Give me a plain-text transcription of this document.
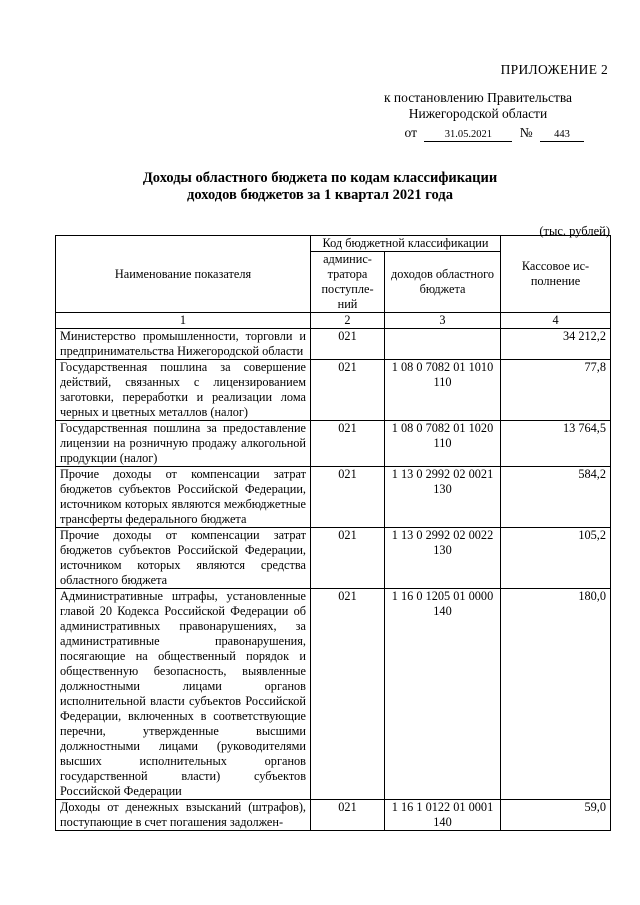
ПРИЛОЖЕНИЕ 2
к постановлению Правительства
Нижегородской области
от	31.05.2021 № 443
Доходы областного бюджета по кодам классификации
доходов бюджетов за 1 квартал 2021 года
(тыс. рублей)
Наименование показателя	Код бюджетной классификации		Кассовое ис-полнение
	админис-тратора поступле-ний	доходов областного бюджета	
1	2	3	4
Министерство промышленности, торговли и предпринимательства Нижегородской области	021		34 212,2
Государственная пошлина за совершение действий, связанных с лицензированием заготовки, переработки и реализации лома черных и цветных металлов (налог)	021	1 08 0 7082 01 1010 110	77,8
Государственная пошлина за предоставление лицензии на розничную продажу алкогольной продукции (налог)	021	1 08 0 7082 01 1020 110	13 764,5
Прочие доходы от компенсации затрат бюджетов субъектов Российской Федерации, источником которых являются межбюджетные трансферты федерального бюджета	021	1 13 0 2992 02 0021 130	584,2
Прочие доходы от компенсации затрат бюджетов субъектов Российской Федерации, источником которых являются средства областного бюджета	021	1 13 0 2992 02 0022 130	105,2
Административные штрафы, установленные главой 20 Кодекса Российской Федерации об административных правонарушениях, за административные правонарушения, посягающие на общественный порядок и общественную безопасность, выявленные должностными лицами органов исполнительной власти субъектов Российской Федерации, включенных в соответствующие перечни, утвержденные высшими должностными лицами (руководителями высших исполнительных органов государственной власти) субъектов Российской Федерации	021	1 16 0 1205 01 0000 140	180,0
Доходы от денежных взысканий (штрафов), поступающие в счет погашения задолжен-	021	1 16 1 0122 01 0001 140	59,0
